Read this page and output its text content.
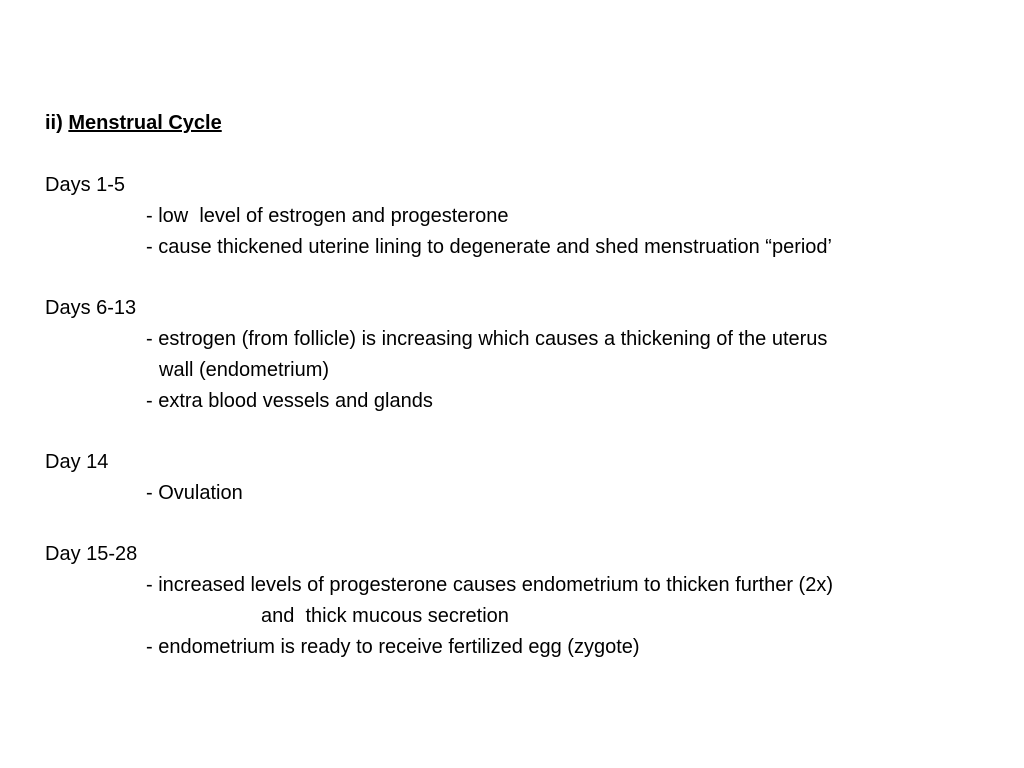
ii) Menstrual Cycle
Days 1-5
- low  level of estrogen and progesterone
- cause thickened uterine lining to degenerate and shed menstruation “period’
Days 6-13
- estrogen (from follicle) is increasing which causes a thickening of the uterus
wall (endometrium)
- extra blood vessels and glands
Day 14
- Ovulation
Day 15-28
- increased levels of progesterone causes endometrium to thicken further (2x)
and  thick mucous secretion
- endometrium is ready to receive fertilized egg (zygote)
